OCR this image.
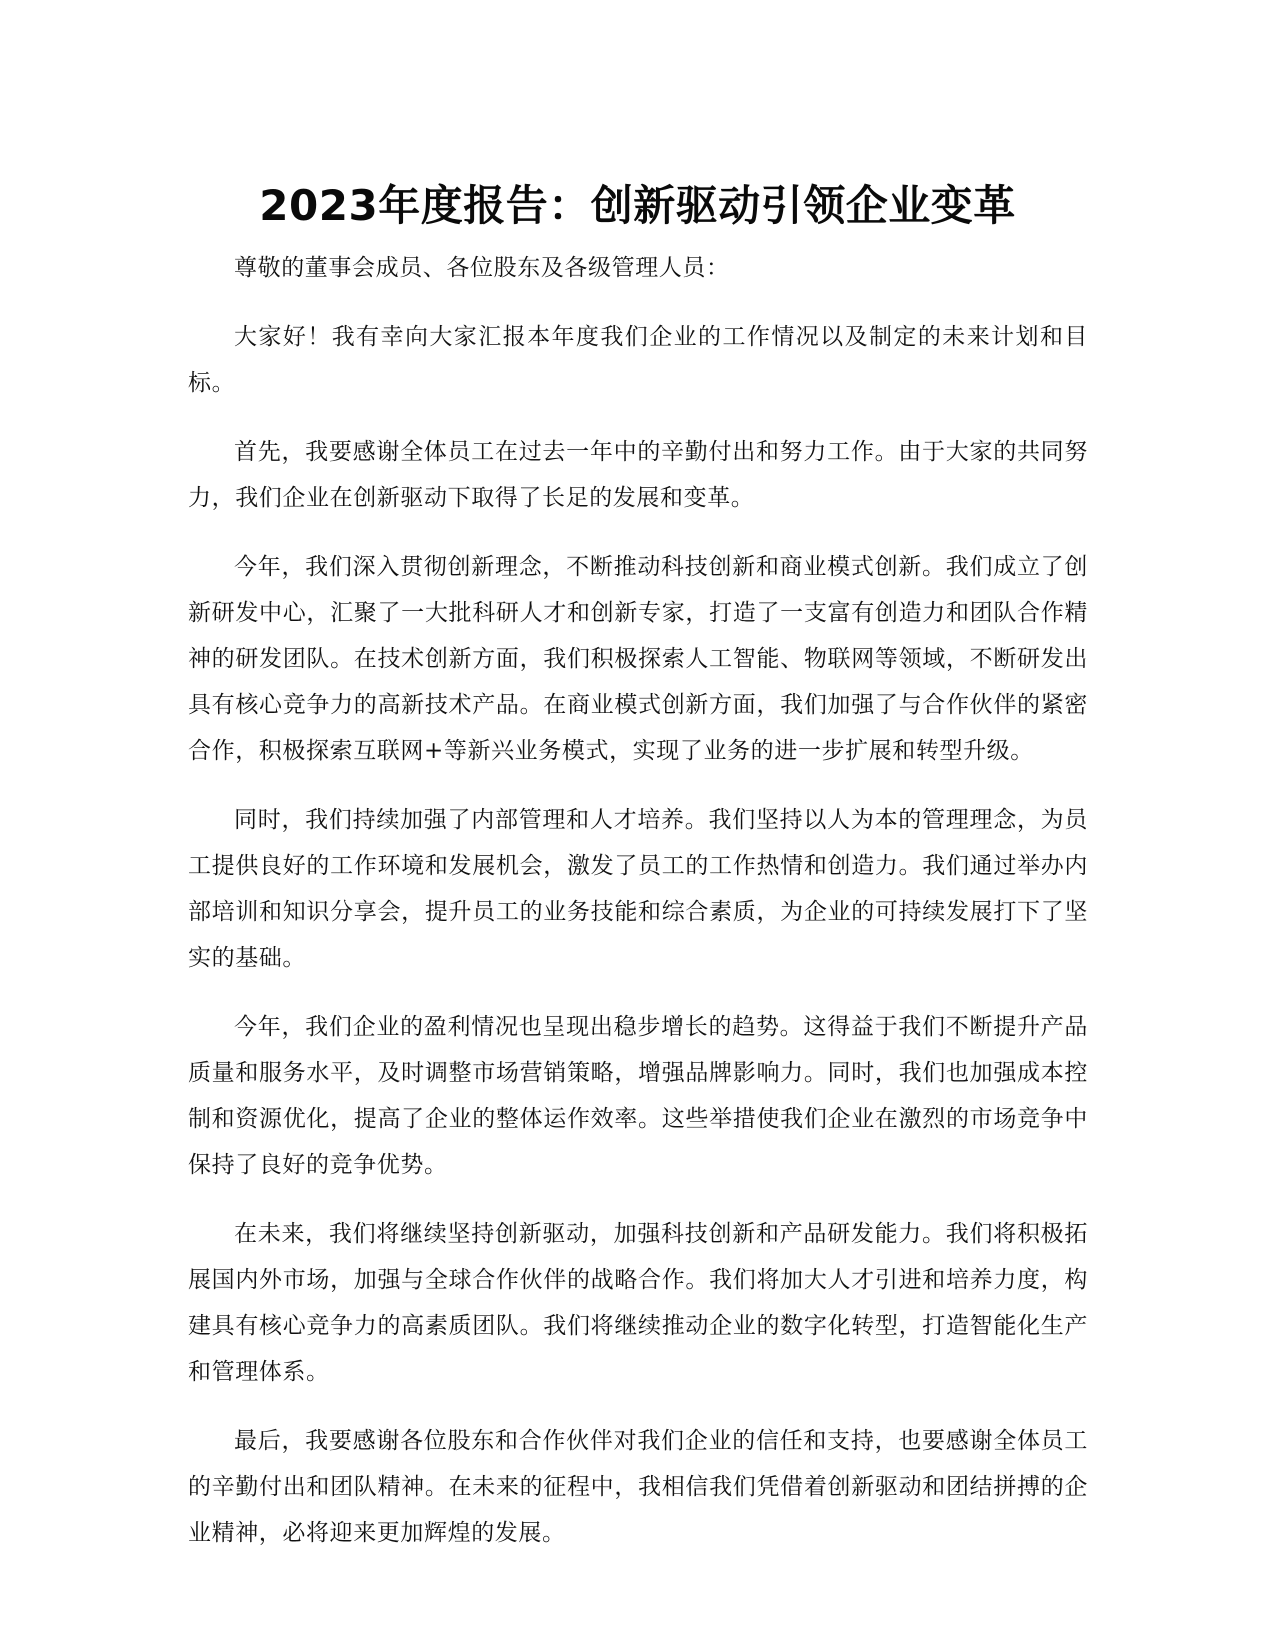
2023年度报告：创新驱动引领企业变革

尊敬的董事会成员、各位股东及各级管理人员：

大家好！我有幸向大家汇报本年度我们企业的工作情况以及制定的未来计划和目标。

首先，我要感谢全体员工在过去一年中的辛勤付出和努力工作。由于大家的共同努力，我们企业在创新驱动下取得了长足的发展和变革。

今年，我们深入贯彻创新理念，不断推动科技创新和商业模式创新。我们成立了创新研发中心，汇聚了一大批科研人才和创新专家，打造了一支富有创造力和团队合作精神的研发团队。在技术创新方面，我们积极探索人工智能、物联网等领域，不断研发出具有核心竞争力的高新技术产品。在商业模式创新方面，我们加强了与合作伙伴的紧密合作，积极探索互联网+等新兴业务模式，实现了业务的进一步扩展和转型升级。

同时，我们持续加强了内部管理和人才培养。我们坚持以人为本的管理理念，为员工提供良好的工作环境和发展机会，激发了员工的工作热情和创造力。我们通过举办内部培训和知识分享会，提升员工的业务技能和综合素质，为企业的可持续发展打下了坚实的基础。

今年，我们企业的盈利情况也呈现出稳步增长的趋势。这得益于我们不断提升产品质量和服务水平，及时调整市场营销策略，增强品牌影响力。同时，我们也加强成本控制和资源优化，提高了企业的整体运作效率。这些举措使我们企业在激烈的市场竞争中保持了良好的竞争优势。

在未来，我们将继续坚持创新驱动，加强科技创新和产品研发能力。我们将积极拓展国内外市场，加强与全球合作伙伴的战略合作。我们将加大人才引进和培养力度，构建具有核心竞争力的高素质团队。我们将继续推动企业的数字化转型，打造智能化生产和管理体系。

最后，我要感谢各位股东和合作伙伴对我们企业的信任和支持，也要感谢全体员工的辛勤付出和团队精神。在未来的征程中，我相信我们凭借着创新驱动和团结拼搏的企业精神，必将迎来更加辉煌的发展。
